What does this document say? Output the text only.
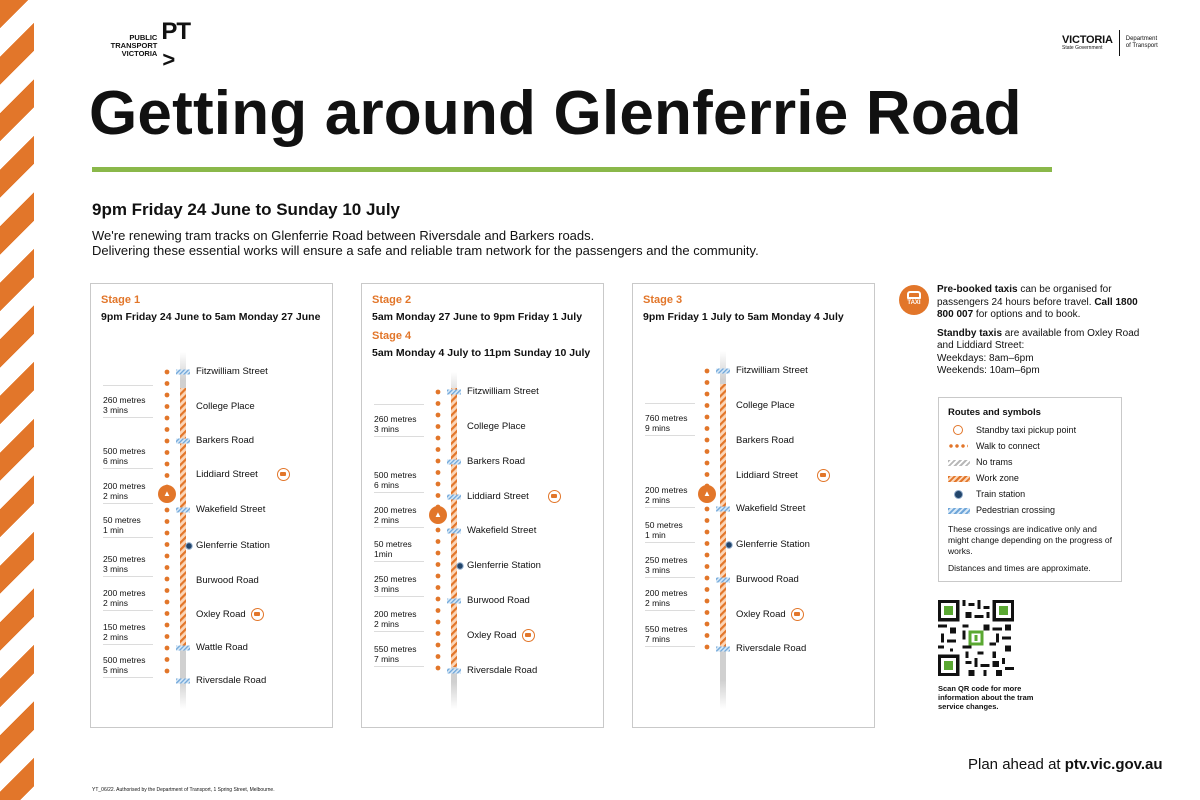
PUBLIC TRANSPORT VICTORIA
PT>
VICTORIA
State Government
Department of Transport
Getting around Glenferrie Road
9pm Friday 24 June to Sunday 10 July
We're renewing tram tracks on Glenferrie Road between Riversdale and Barkers roads.
Delivering these essential works will ensure a safe and reliable tram network for the passengers and the community.
Stage 1
9pm Friday 24 June to 5am Monday 27 June
Fitzwilliam Street
College Place
Barkers Road
Liddiard Street
Wakefield Street
Glenferrie Station
Burwood Road
Oxley Road
Wattle Road
Riversdale Road
▲
260 metres
3 mins
500 metres
6 mins
200 metres
2 mins
50 metres
1 min
250 metres
3 mins
200 metres
2 mins
150 metres
2 mins
500 metres
5 mins
Stage 2
5am Monday 27 June to 9pm Friday 1 July
Stage 4
5am Monday 4 July to 11pm Sunday 10 July
Fitzwilliam Street
College Place
Barkers Road
Liddiard Street
Wakefield Street
Glenferrie Station
Burwood Road
Oxley Road
Riversdale Road
▲
260 metres
3 mins
500 metres
6 mins
200 metres
2 mins
50 metres
1min
250 metres
3 mins
200 metres
2 mins
550 metres
7 mins
Stage 3
9pm Friday 1 July to 5am Monday 4 July
Fitzwilliam Street
College Place
Barkers Road
Liddiard Street
Wakefield Street
Glenferrie Station
Burwood Road
Oxley Road
Riversdale Road
▲
760 metres
9 mins
200 metres
2 mins
50 metres
1 min
250 metres
3 mins
200 metres
2 mins
550 metres
7 mins
TAXI

Pre-booked taxis can be organised for passengers 24 hours before travel. Call 1800 800 007 for options and to book.

Standby taxis are available from Oxley Road and Liddiard Street:
Weekdays: 8am–6pm
Weekends: 10am–6pm

Routes and symbols
Standby taxi pickup point
Walk to connect
No trams
Work zone
Train station
Pedestrian crossing
These crossings are indicative only and might change depending on the progress of works.
Distances and times are approximate.
Scan QR code for more information about the tram service changes.
Plan ahead at ptv.vic.gov.au
YT_06/22. Authorised by the Department of Transport, 1 Spring Street, Melbourne.
